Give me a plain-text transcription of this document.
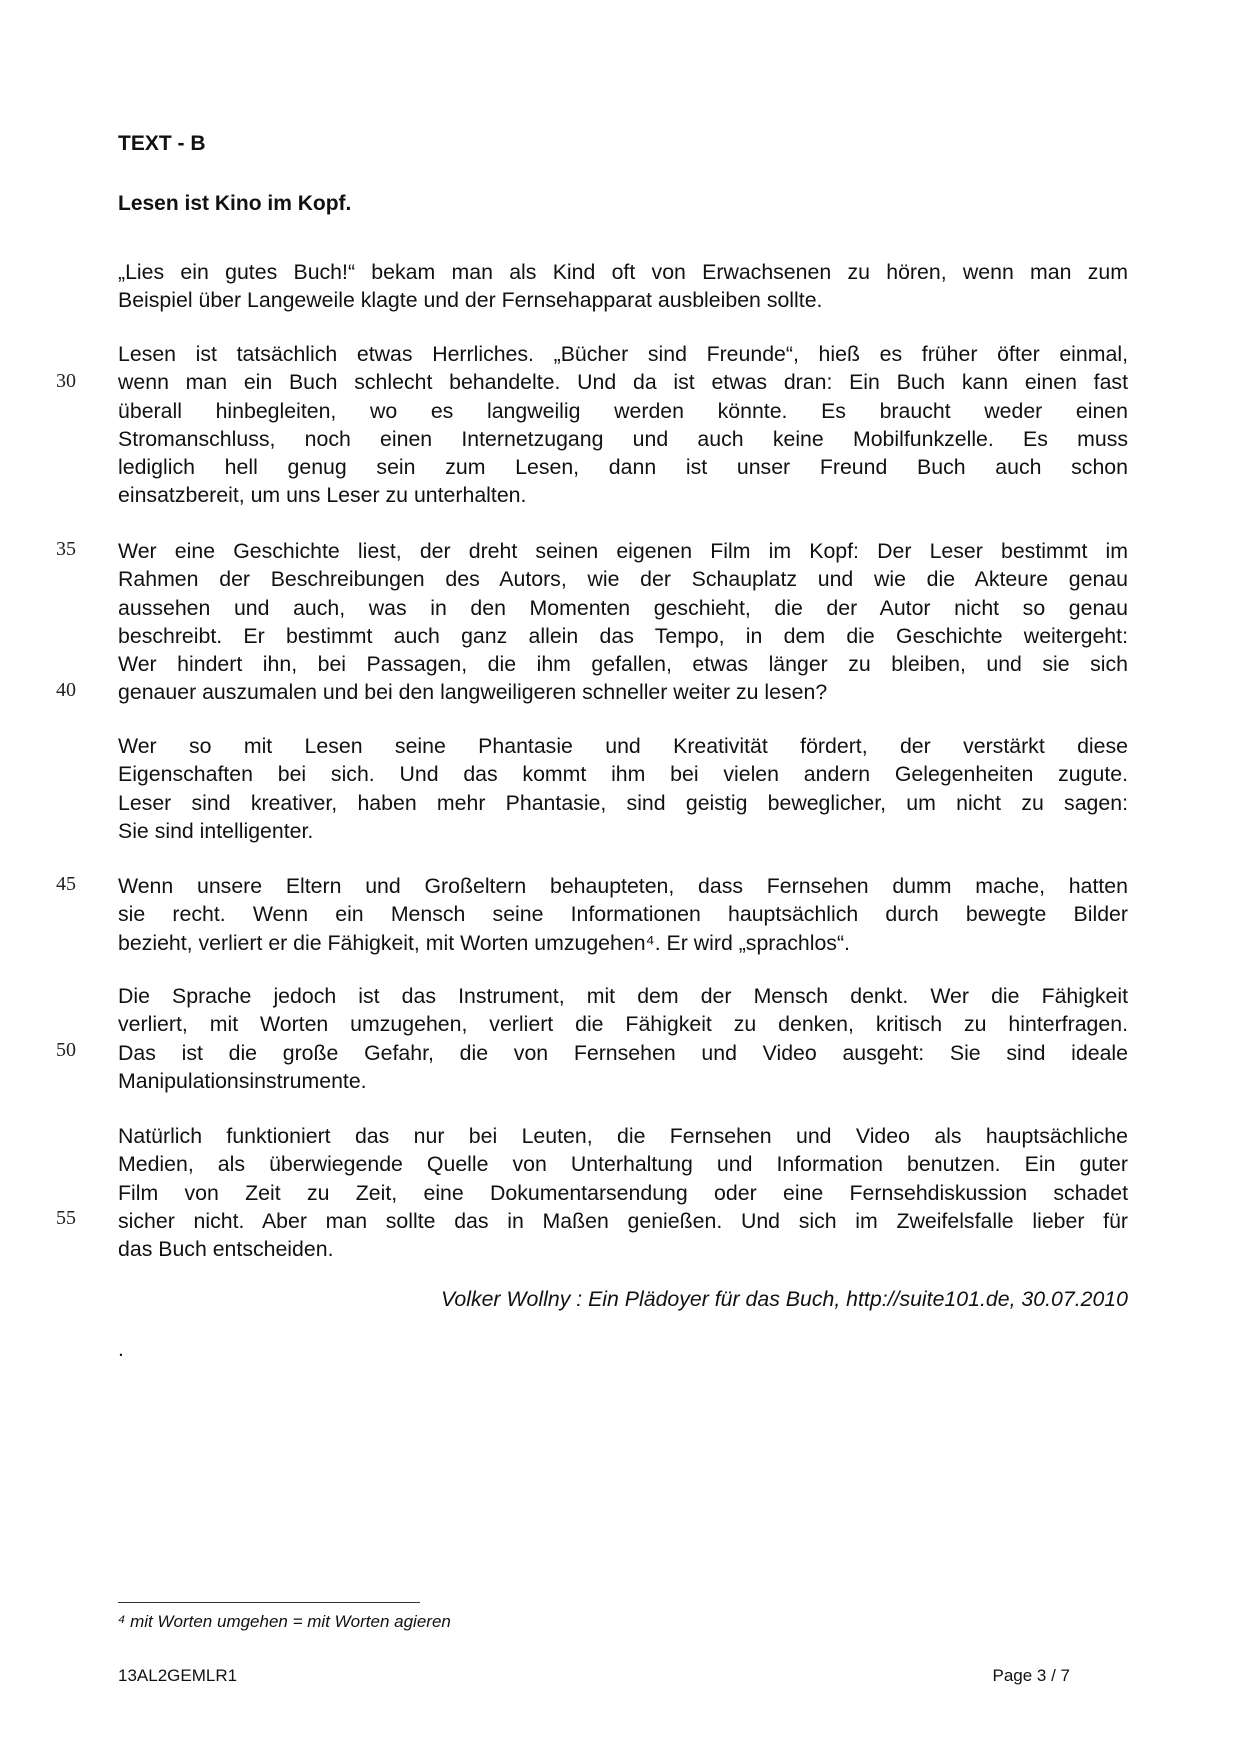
TEXT - B
Lesen ist Kino im Kopf.
„Lies ein gutes Buch!“ bekam man als Kind oft von Erwachsenen zu hören, wenn man zum
Beispiel über Langeweile klagte und der Fernsehapparat ausbleiben sollte.
Lesen ist tatsächlich etwas Herrliches. „Bücher sind Freunde“, hieß es früher öfter einmal,
wenn man ein Buch schlecht behandelte. Und da ist etwas dran: Ein Buch kann einen fast
überall hinbegleiten, wo es langweilig werden könnte. Es braucht weder einen
Stromanschluss, noch einen Internetzugang und auch keine Mobilfunkzelle. Es muss
lediglich hell genug sein zum Lesen, dann ist unser Freund Buch auch schon
einsatzbereit, um uns Leser zu unterhalten.
Wer eine Geschichte liest, der dreht seinen eigenen Film im Kopf: Der Leser bestimmt im
Rahmen der Beschreibungen des Autors, wie der Schauplatz und wie die Akteure genau
aussehen und auch, was in den Momenten geschieht, die der Autor nicht so genau
beschreibt. Er bestimmt auch ganz allein das Tempo, in dem die Geschichte weitergeht:
Wer hindert ihn, bei Passagen, die ihm gefallen, etwas länger zu bleiben, und sie sich
genauer auszumalen und bei den langweiligeren schneller weiter zu lesen?
Wer so mit Lesen seine Phantasie und Kreativität fördert, der verstärkt diese
Eigenschaften bei sich. Und das kommt ihm bei vielen andern Gelegenheiten zugute.
Leser sind kreativer, haben mehr Phantasie, sind geistig beweglicher, um nicht zu sagen:
Sie sind intelligenter.
Wenn unsere Eltern und Großeltern behaupteten, dass Fernsehen dumm mache, hatten
sie recht. Wenn ein Mensch seine Informationen hauptsächlich durch bewegte Bilder
bezieht, verliert er die Fähigkeit, mit Worten umzugehen⁴. Er wird „sprachlos“.
Die Sprache jedoch ist das Instrument, mit dem der Mensch denkt. Wer die Fähigkeit
verliert, mit Worten umzugehen, verliert die Fähigkeit zu denken, kritisch zu hinterfragen.
Das ist die große Gefahr, die von Fernsehen und Video ausgeht: Sie sind ideale
Manipulationsinstrumente.
Natürlich funktioniert das nur bei Leuten, die Fernsehen und Video als hauptsächliche
Medien, als überwiegende Quelle von Unterhaltung und Information benutzen. Ein guter
Film von Zeit zu Zeit, eine Dokumentarsendung oder eine Fernsehdiskussion schadet
sicher nicht. Aber man sollte das in Maßen genießen. Und sich im Zweifelsfalle lieber für
das Buch entscheiden.
30
35
40
45
50
55
Volker Wollny : Ein Plädoyer für das Buch, http://suite101.de, 30.07.2010
.
⁴ mit Worten umgehen = mit Worten agieren
13AL2GEMLR1	Page 3 / 7
